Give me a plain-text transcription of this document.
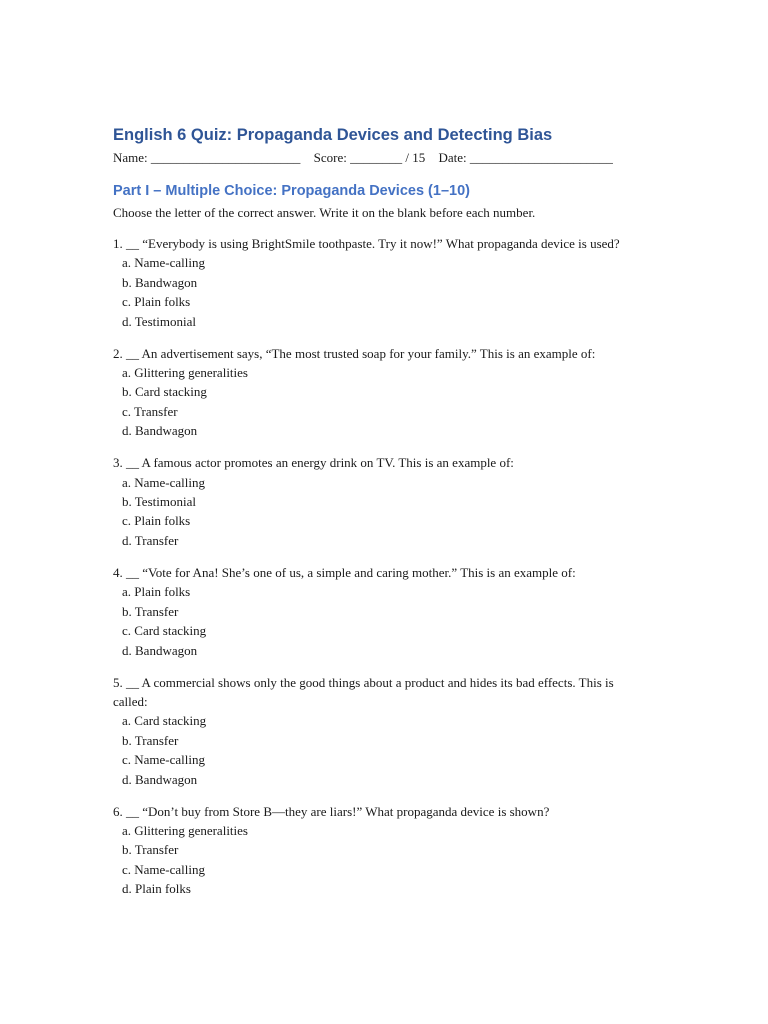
English 6 Quiz: Propaganda Devices and Detecting Bias
Name: _______________________ Score: ________ / 15 Date: ______________________
Part I – Multiple Choice: Propaganda Devices (1–10)
Choose the letter of the correct answer. Write it on the blank before each number.
1. __ “Everybody is using BrightSmile toothpaste. Try it now!” What propaganda device is used?
a. Name-calling
b. Bandwagon
c. Plain folks
d. Testimonial
2. __ An advertisement says, “The most trusted soap for your family.” This is an example of:
a. Glittering generalities
b. Card stacking
c. Transfer
d. Bandwagon
3. __ A famous actor promotes an energy drink on TV. This is an example of:
a. Name-calling
b. Testimonial
c. Plain folks
d. Transfer
4. __ “Vote for Ana! She’s one of us, a simple and caring mother.” This is an example of:
a. Plain folks
b. Transfer
c. Card stacking
d. Bandwagon
5. __ A commercial shows only the good things about a product and hides its bad effects. This is called:
a. Card stacking
b. Transfer
c. Name-calling
d. Bandwagon
6. __ “Don’t buy from Store B—they are liars!” What propaganda device is shown?
a. Glittering generalities
b. Transfer
c. Name-calling
d. Plain folks
